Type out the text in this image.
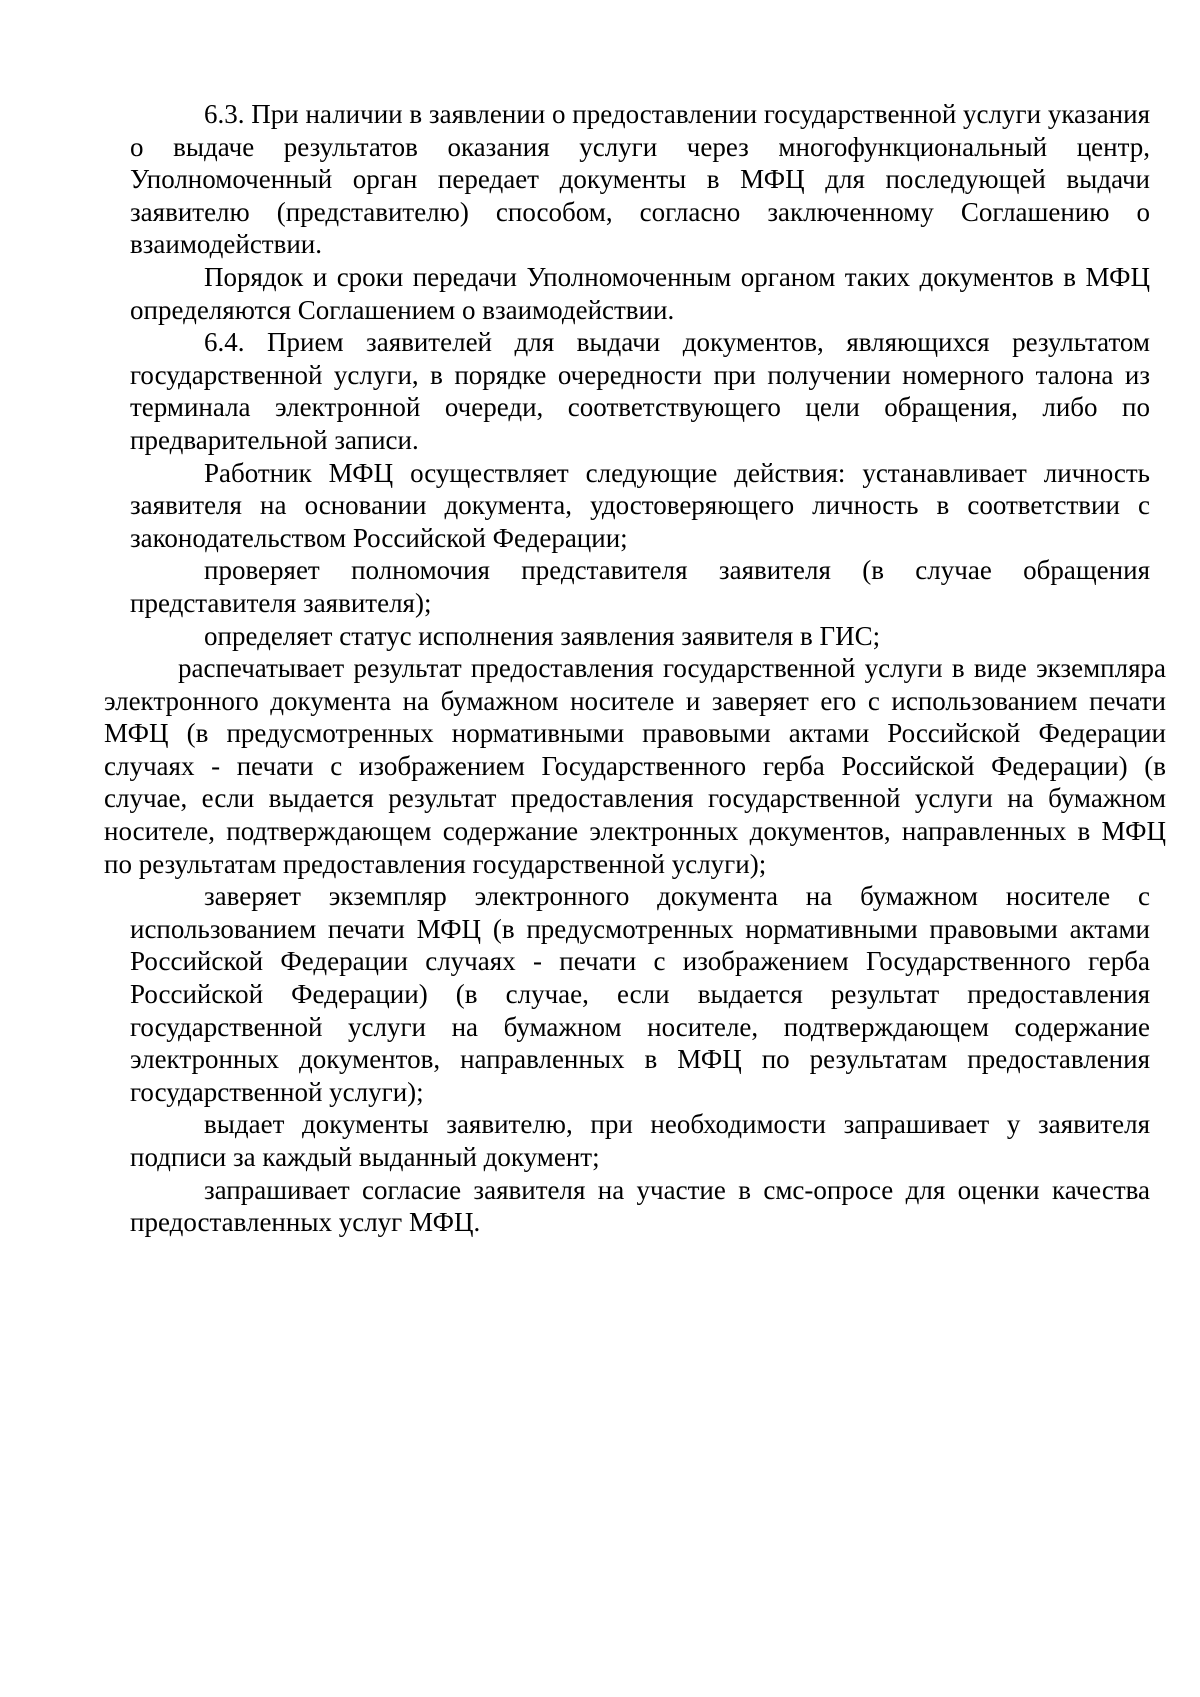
6.3. При наличии в заявлении о предоставлении государственной услуги указания о выдаче результатов оказания услуги через многофункциональный центр, Уполномоченный орган передает документы в МФЦ для последующей выдачи заявителю (представителю) способом, согласно заключенному Соглашению о взаимодействии.

Порядок и сроки передачи Уполномоченным органом таких документов в МФЦ определяются Соглашением о взаимодействии.

6.4. Прием заявителей для выдачи документов, являющихся результатом государственной услуги, в порядке очередности при получении номерного талона из терминала электронной очереди, соответствующего цели обращения, либо по предварительной записи.

Работник МФЦ осуществляет следующие действия: устанавливает личность заявителя на основании документа, удостоверяющего личность в соответствии с законодательством Российской Федерации;

проверяет полномочия представителя заявителя (в случае обращения представителя заявителя);

определяет статус исполнения заявления заявителя в ГИС;

распечатывает результат предоставления государственной услуги в виде экземпляра электронного документа на бумажном носителе и заверяет его с использованием печати МФЦ (в предусмотренных нормативными правовыми актами Российской Федерации случаях - печати с изображением Государственного герба Российской Федерации) (в случае, если выдается результат предоставления государственной услуги на бумажном носителе, подтверждающем содержание электронных документов, направленных в МФЦ по результатам предоставления государственной услуги);

заверяет экземпляр электронного документа на бумажном носителе с использованием печати МФЦ (в предусмотренных нормативными правовыми актами Российской Федерации случаях - печати с изображением Государственного герба Российской Федерации) (в случае, если выдается результат предоставления государственной услуги на бумажном носителе, подтверждающем содержание электронных документов, направленных в МФЦ по результатам предоставления государственной услуги);

выдает документы заявителю, при необходимости запрашивает у заявителя подписи за каждый выданный документ;

запрашивает согласие заявителя на участие в смс-опросе для оценки качества предоставленных услуг МФЦ.
